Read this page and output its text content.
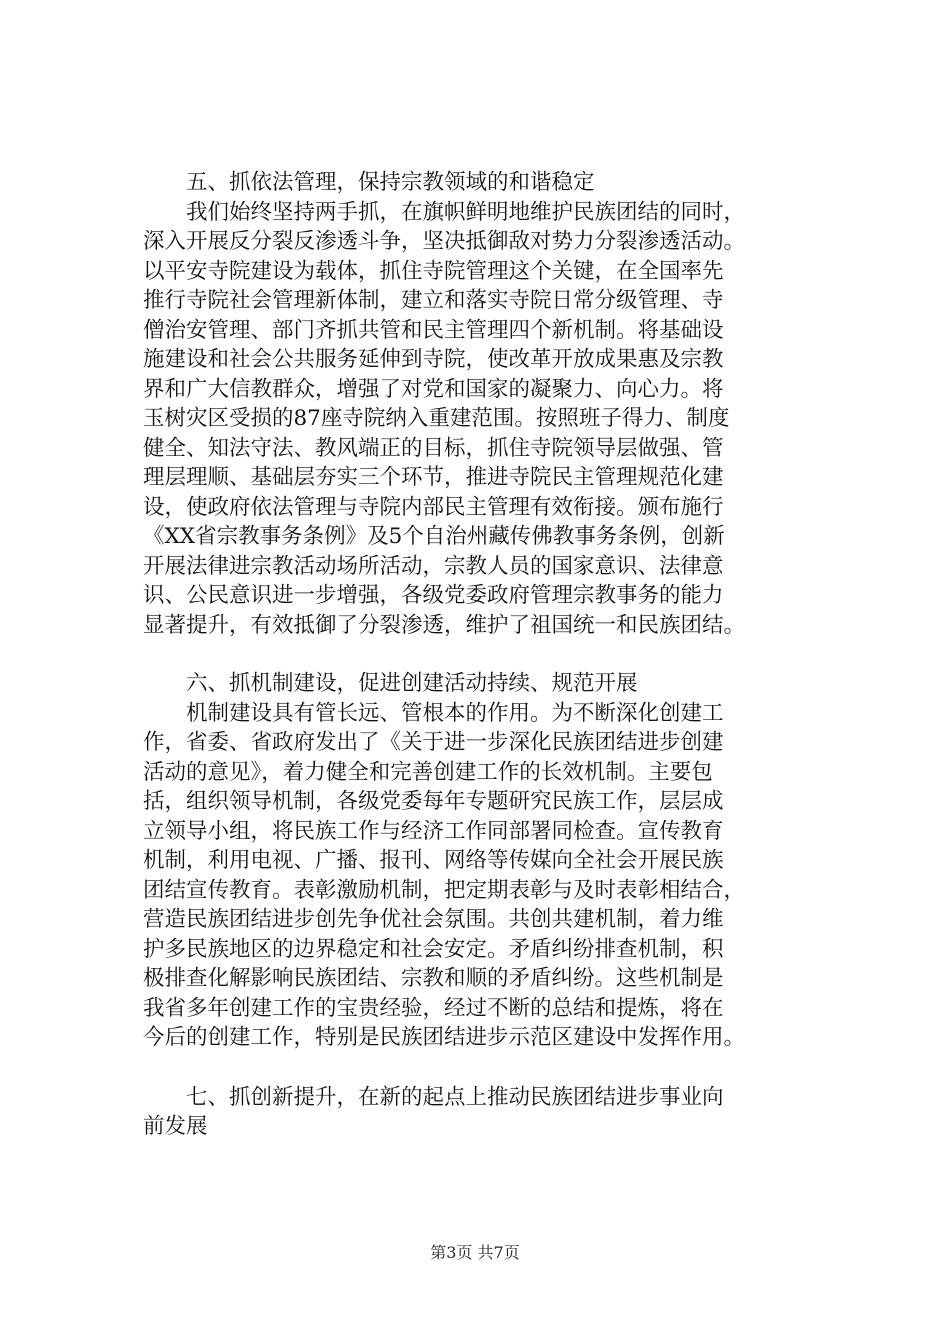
五、抓依法管理，保持宗教领域的和谐稳定
　　我们始终坚持两手抓，在旗帜鲜明地维护民族团结的同时，
深入开展反分裂反渗透斗争，坚决抵御敌对势力分裂渗透活动。
以平安寺院建设为载体，抓住寺院管理这个关键，在全国率先
推行寺院社会管理新体制，建立和落实寺院日常分级管理、寺
僧治安管理、部门齐抓共管和民主管理四个新机制。将基础设
施建设和社会公共服务延伸到寺院，使改革开放成果惠及宗教
界和广大信教群众，增强了对党和国家的凝聚力、向心力。将
玉树灾区受损的87座寺院纳入重建范围。按照班子得力、制度
健全、知法守法、教风端正的目标，抓住寺院领导层做强、管
理层理顺、基础层夯实三个环节，推进寺院民主管理规范化建
设，使政府依法管理与寺院内部民主管理有效衔接。颁布施行
《XX省宗教事务条例》及5个自治州藏传佛教事务条例，创新
开展法律进宗教活动场所活动，宗教人员的国家意识、法律意
识、公民意识进一步增强，各级党委政府管理宗教事务的能力
显著提升，有效抵御了分裂渗透，维护了祖国统一和民族团结。
六、抓机制建设，促进创建活动持续、规范开展
　　机制建设具有管长远、管根本的作用。为不断深化创建工
作，省委、省政府发出了《关于进一步深化民族团结进步创建
活动的意见》，着力健全和完善创建工作的长效机制。主要包
括，组织领导机制，各级党委每年专题研究民族工作，层层成
立领导小组，将民族工作与经济工作同部署同检查。宣传教育
机制，利用电视、广播、报刊、网络等传媒向全社会开展民族
团结宣传教育。表彰激励机制，把定期表彰与及时表彰相结合，
营造民族团结进步创先争优社会氛围。共创共建机制，着力维
护多民族地区的边界稳定和社会安定。矛盾纠纷排查机制，积
极排查化解影响民族团结、宗教和顺的矛盾纠纷。这些机制是
我省多年创建工作的宝贵经验，经过不断的总结和提炼，将在
今后的创建工作，特别是民族团结进步示范区建设中发挥作用。
七、抓创新提升，在新的起点上推动民族团结进步事业向
前发展
第3页 共7页
